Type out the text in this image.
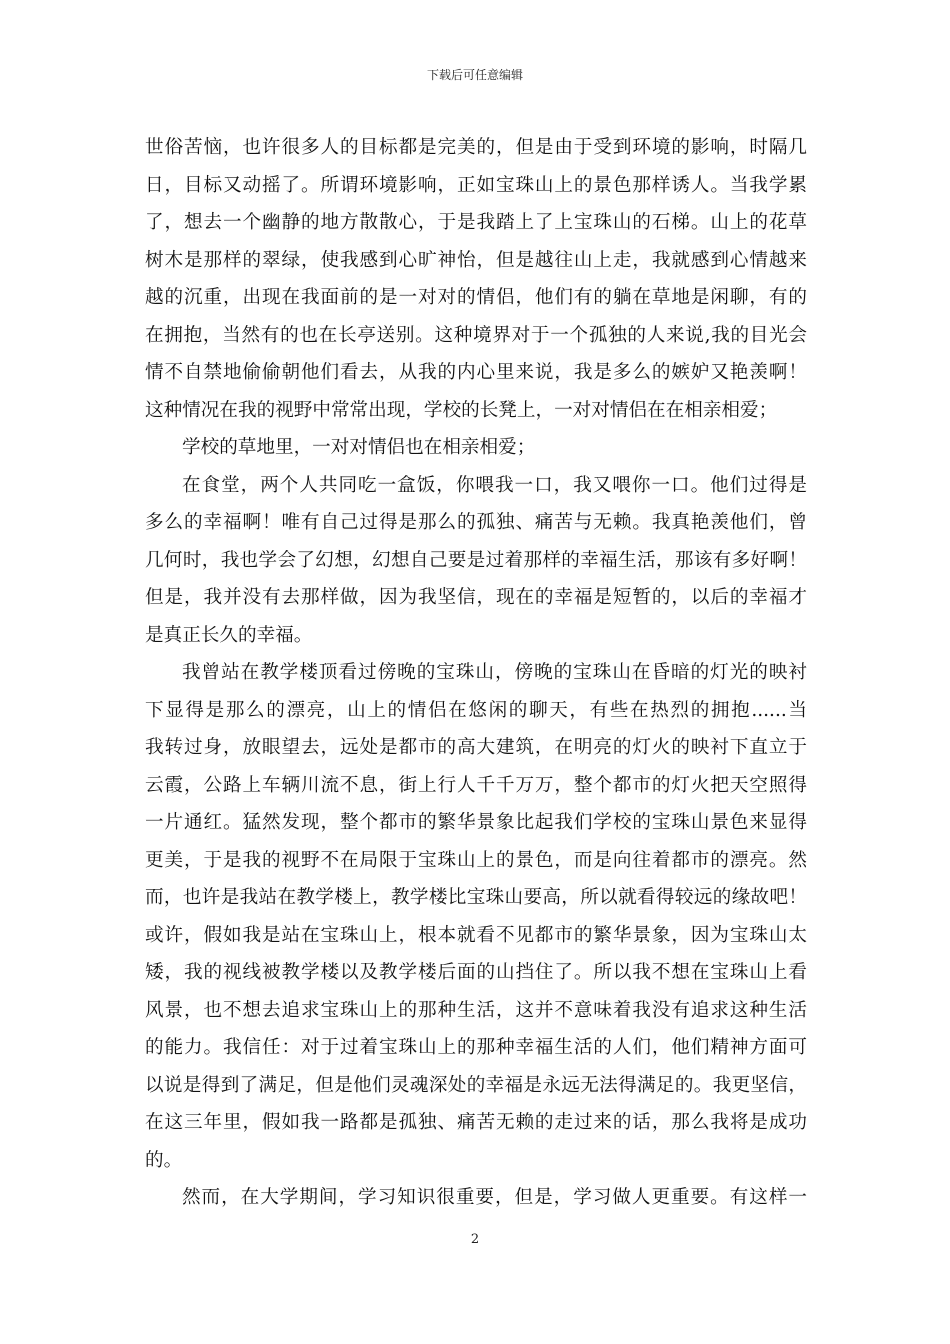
下载后可任意编辑
世俗苦恼，也许很多人的目标都是完美的，但是由于受到环境的影响，时隔几
日，目标又动摇了。所谓环境影响，正如宝珠山上的景色那样诱人。当我学累
了，想去一个幽静的地方散散心，于是我踏上了上宝珠山的石梯。山上的花草
树木是那样的翠绿，使我感到心旷神怡，但是越往山上走，我就感到心情越来
越的沉重，出现在我面前的是一对对的情侣，他们有的躺在草地是闲聊，有的
在拥抱，当然有的也在长亭送别。这种境界对于一个孤独的人来说,我的目光会
情不自禁地偷偷朝他们看去，从我的内心里来说，我是多么的嫉妒又艳羡啊！
这种情况在我的视野中常常出现，学校的长凳上，一对对情侣在在相亲相爱；
学校的草地里，一对对情侣也在相亲相爱；
在食堂，两个人共同吃一盒饭，你喂我一口，我又喂你一口。他们过得是
多么的幸福啊！唯有自己过得是那么的孤独、痛苦与无赖。我真艳羡他们，曾
几何时，我也学会了幻想，幻想自己要是过着那样的幸福生活，那该有多好啊！
但是，我并没有去那样做，因为我坚信，现在的幸福是短暂的，以后的幸福才
是真正长久的幸福。
我曾站在教学楼顶看过傍晚的宝珠山，傍晚的宝珠山在昏暗的灯光的映衬
下显得是那么的漂亮，山上的情侣在悠闲的聊天，有些在热烈的拥抱......当
我转过身，放眼望去，远处是都市的高大建筑，在明亮的灯火的映衬下直立于
云霞，公路上车辆川流不息，街上行人千千万万，整个都市的灯火把天空照得
一片通红。猛然发现，整个都市的繁华景象比起我们学校的宝珠山景色来显得
更美，于是我的视野不在局限于宝珠山上的景色，而是向往着都市的漂亮。然
而，也许是我站在教学楼上，教学楼比宝珠山要高，所以就看得较远的缘故吧！
或许，假如我是站在宝珠山上，根本就看不见都市的繁华景象，因为宝珠山太
矮，我的视线被教学楼以及教学楼后面的山挡住了。所以我不想在宝珠山上看
风景，也不想去追求宝珠山上的那种生活，这并不意味着我没有追求这种生活
的能力。我信任：对于过着宝珠山上的那种幸福生活的人们，他们精神方面可
以说是得到了满足，但是他们灵魂深处的幸福是永远无法得满足的。我更坚信，
在这三年里，假如我一路都是孤独、痛苦无赖的走过来的话，那么我将是成功
的。
然而，在大学期间，学习知识很重要，但是，学习做人更重要。有这样一
2
